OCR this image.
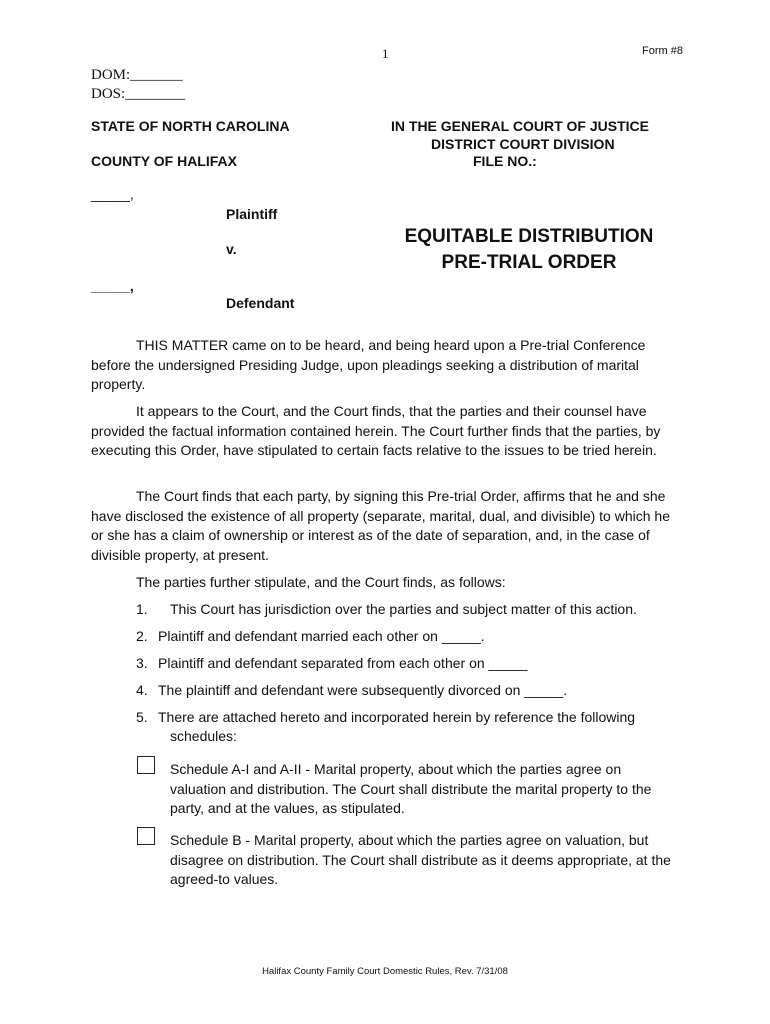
1	Form #8
DOM:_______
DOS:________
STATE OF NORTH CAROLINA
COUNTY OF HALIFAX
IN THE GENERAL COURT OF JUSTICE
DISTRICT COURT DIVISION
FILE NO.:
_____,
Plaintiff
v.
_____,
Defendant
EQUITABLE DISTRIBUTION
PRE-TRIAL ORDER
THIS MATTER came on to be heard, and being heard upon a Pre-trial Conference before the undersigned Presiding Judge, upon pleadings seeking a distribution of marital property.
It appears to the Court, and the Court finds, that the parties and their counsel have provided the factual information contained herein. The Court further finds that the parties, by executing this Order, have stipulated to certain facts relative to the issues to be tried herein.
The Court finds that each party, by signing this Pre-trial Order, affirms that he and she have disclosed the existence of all property (separate, marital, dual, and divisible) to which he or she has a claim of ownership or interest as of the date of separation, and, in the case of divisible property, at present.
The parties further stipulate, and the Court finds, as follows:
1. This Court has jurisdiction over the parties and subject matter of this action.
2. Plaintiff and defendant married each other on _____.
3. Plaintiff and defendant separated from each other on _____
4. The plaintiff and defendant were subsequently divorced on _____.
5. There are attached hereto and incorporated herein by reference the following
schedules:
Schedule A-I and A-II - Marital property, about which the parties agree on valuation and distribution. The Court shall distribute the marital property to the party, and at the values, as stipulated.
Schedule B - Marital property, about which the parties agree on valuation, but disagree on distribution. The Court shall distribute as it deems appropriate, at the agreed-to values.
Halifax County Family Court Domestic Rules, Rev. 7/31/08
